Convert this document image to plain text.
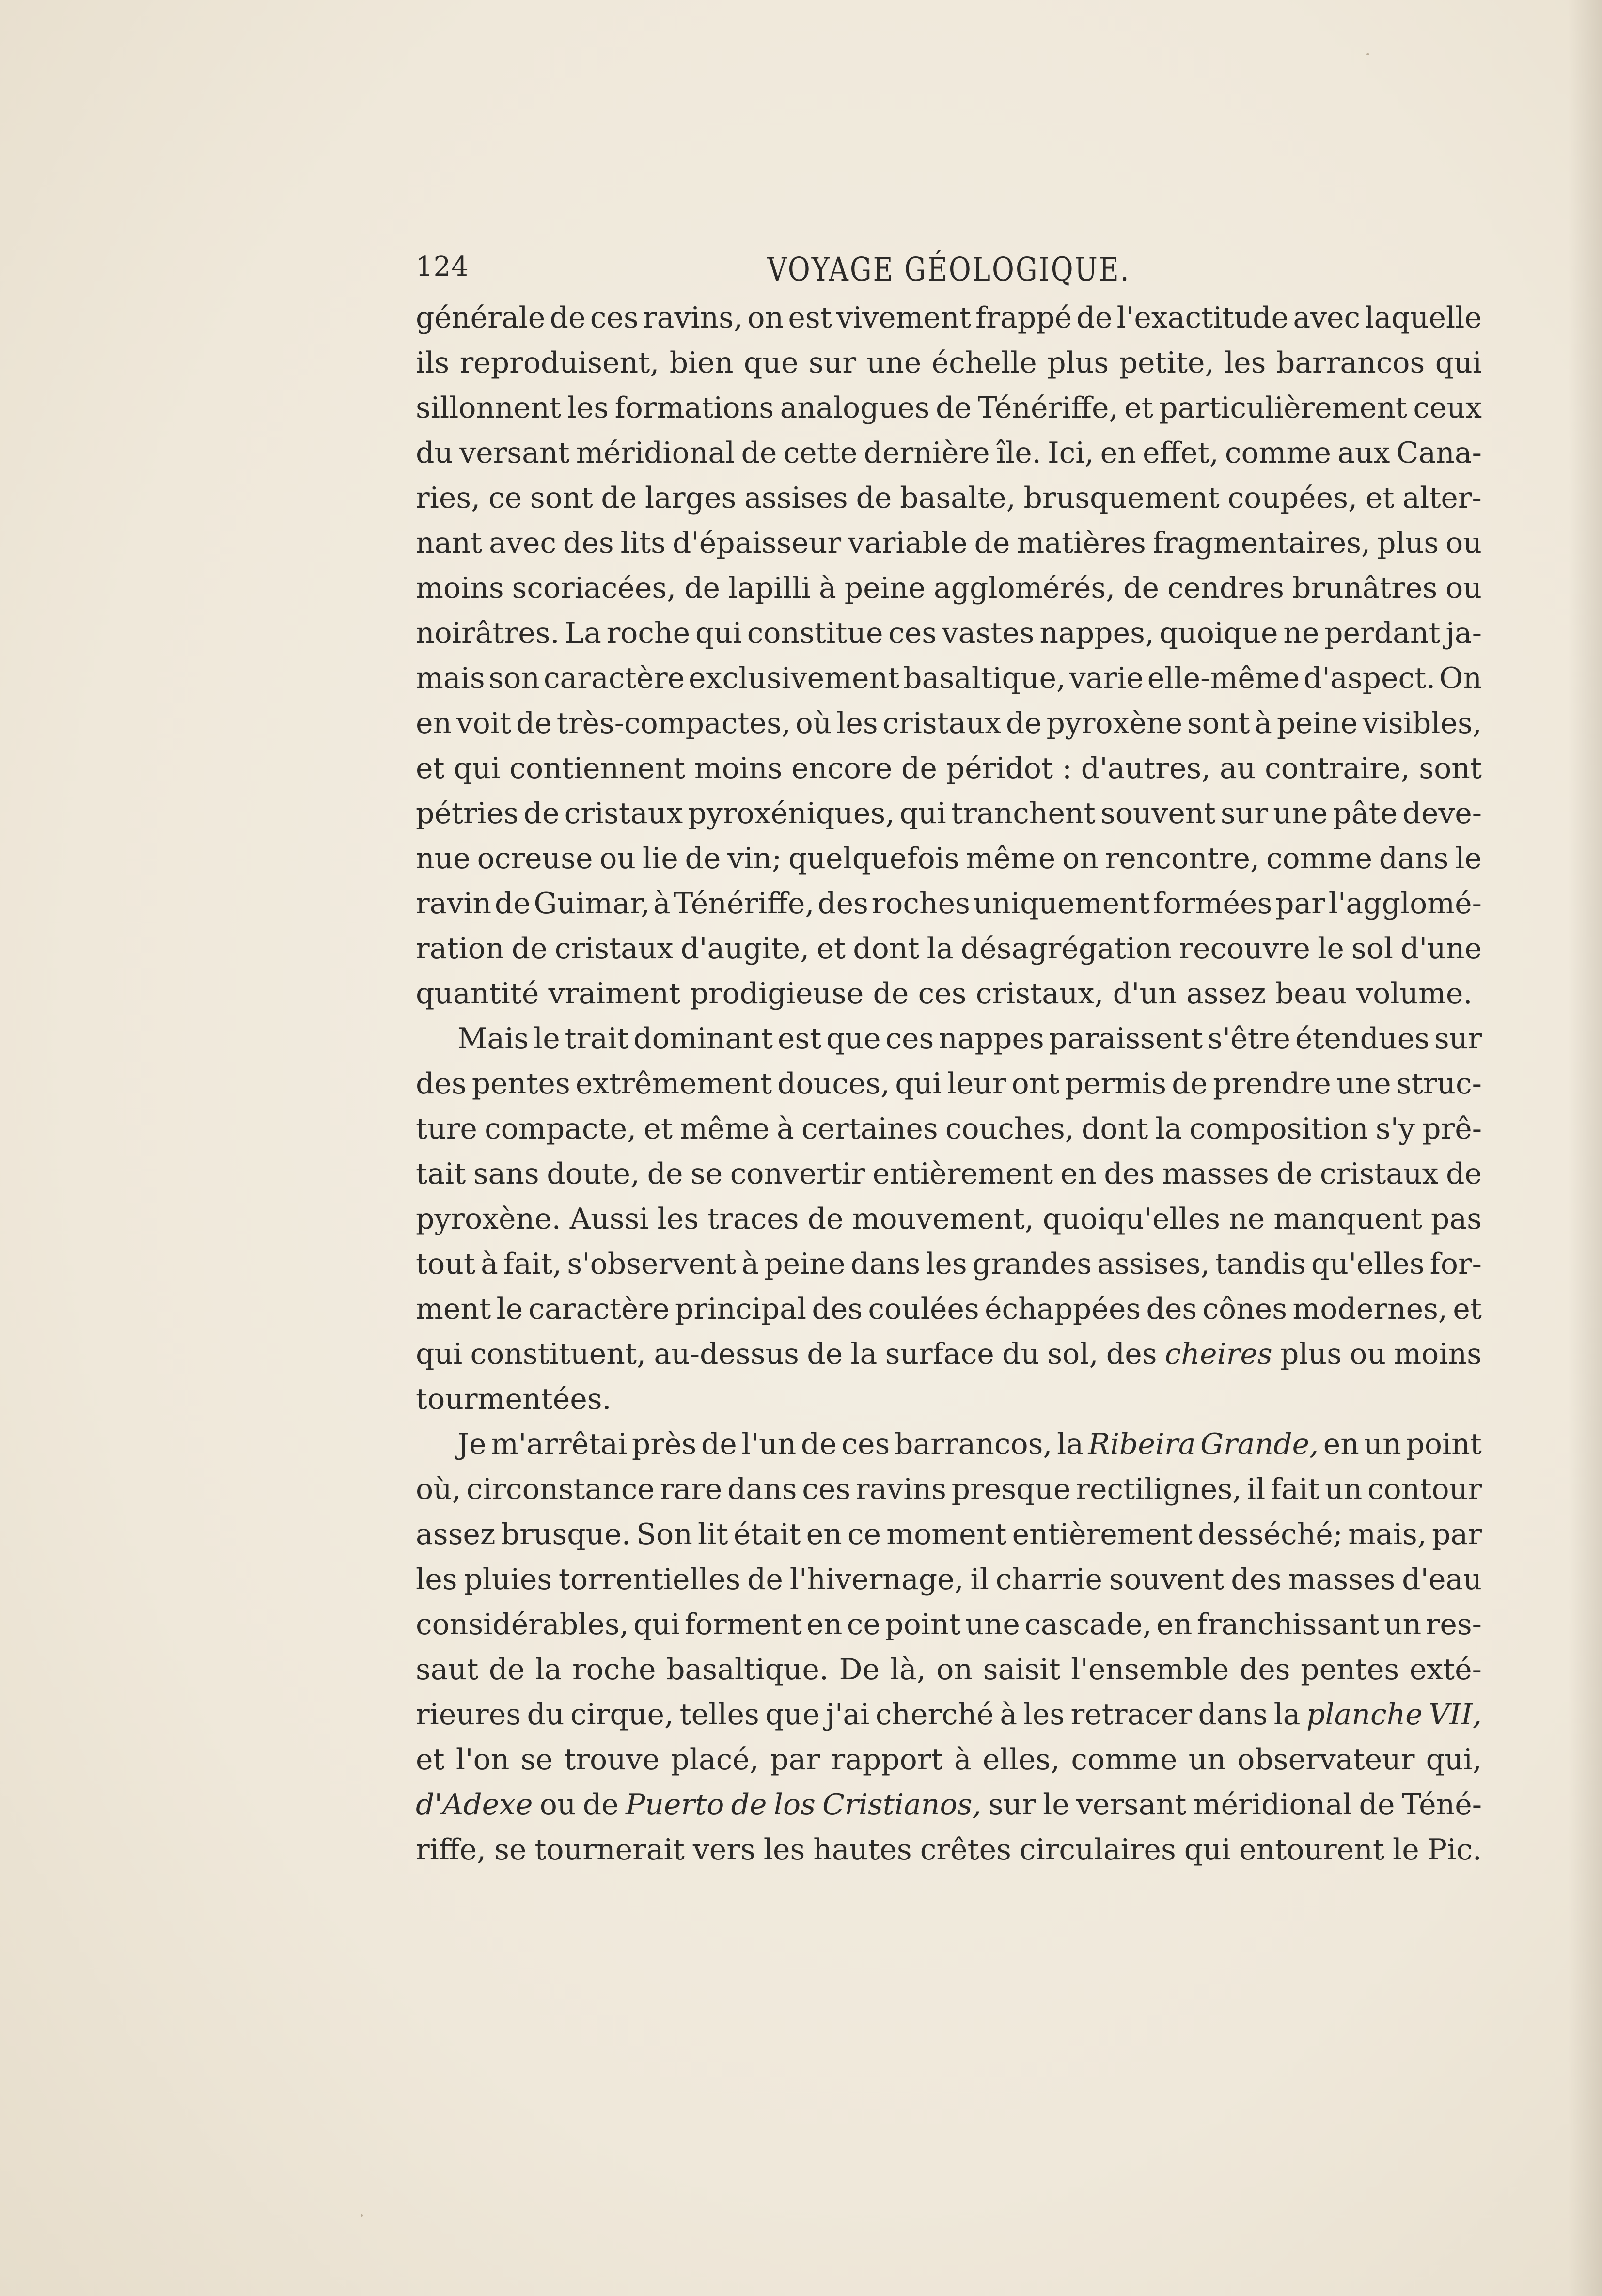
124	VOYAGE GÉOLOGIQUE.
générale de ces ravins, on est vivement frappé de l'exactitude avec laquelle
ils reproduisent, bien que sur une échelle plus petite, les barrancos qui
sillonnent les formations analogues de Ténériffe, et particulièrement ceux
du versant méridional de cette dernière île. Ici, en effet, comme aux Cana-
ries, ce sont de larges assises de basalte, brusquement coupées, et alter-
nant avec des lits d'épaisseur variable de matières fragmentaires, plus ou
moins scoriacées, de lapilli à peine agglomérés, de cendres brunâtres ou
noirâtres. La roche qui constitue ces vastes nappes, quoique ne perdant ja-
mais son caractère exclusivement basaltique, varie elle-même d'aspect. On
en voit de très-compactes, où les cristaux de pyroxène sont à peine visibles,
et qui contiennent moins encore de péridot : d'autres, au contraire, sont
pétries de cristaux pyroxéniques, qui tranchent souvent sur une pâte deve-
nue ocreuse ou lie de vin; quelquefois même on rencontre, comme dans le
ravin de Guimar, à Ténériffe, des roches uniquement formées par l'agglomé-
ration de cristaux d'augite, et dont la désagrégation recouvre le sol d'une
quantité vraiment prodigieuse de ces cristaux, d'un assez beau volume.
Mais le trait dominant est que ces nappes paraissent s'être étendues sur
des pentes extrêmement douces, qui leur ont permis de prendre une struc-
ture compacte, et même à certaines couches, dont la composition s'y prê-
tait sans doute, de se convertir entièrement en des masses de cristaux de
pyroxène. Aussi les traces de mouvement, quoiqu'elles ne manquent pas
tout à fait, s'observent à peine dans les grandes assises, tandis qu'elles for-
ment le caractère principal des coulées échappées des cônes modernes, et
qui constituent, au-dessus de la surface du sol, des cheires plus ou moins
tourmentées.
Je m'arrêtai près de l'un de ces barrancos, la Ribeira Grande, en un point
où, circonstance rare dans ces ravins presque rectilignes, il fait un contour
assez brusque. Son lit était en ce moment entièrement desséché; mais, par
les pluies torrentielles de l'hivernage, il charrie souvent des masses d'eau
considérables, qui forment en ce point une cascade, en franchissant un res-
saut de la roche basaltique. De là, on saisit l'ensemble des pentes exté-
rieures du cirque, telles que j'ai cherché à les retracer dans la planche VII,
et l'on se trouve placé, par rapport à elles, comme un observateur qui,
d'Adexe ou de Puerto de los Cristianos, sur le versant méridional de Téné-
riffe, se tournerait vers les hautes crêtes circulaires qui entourent le Pic.
